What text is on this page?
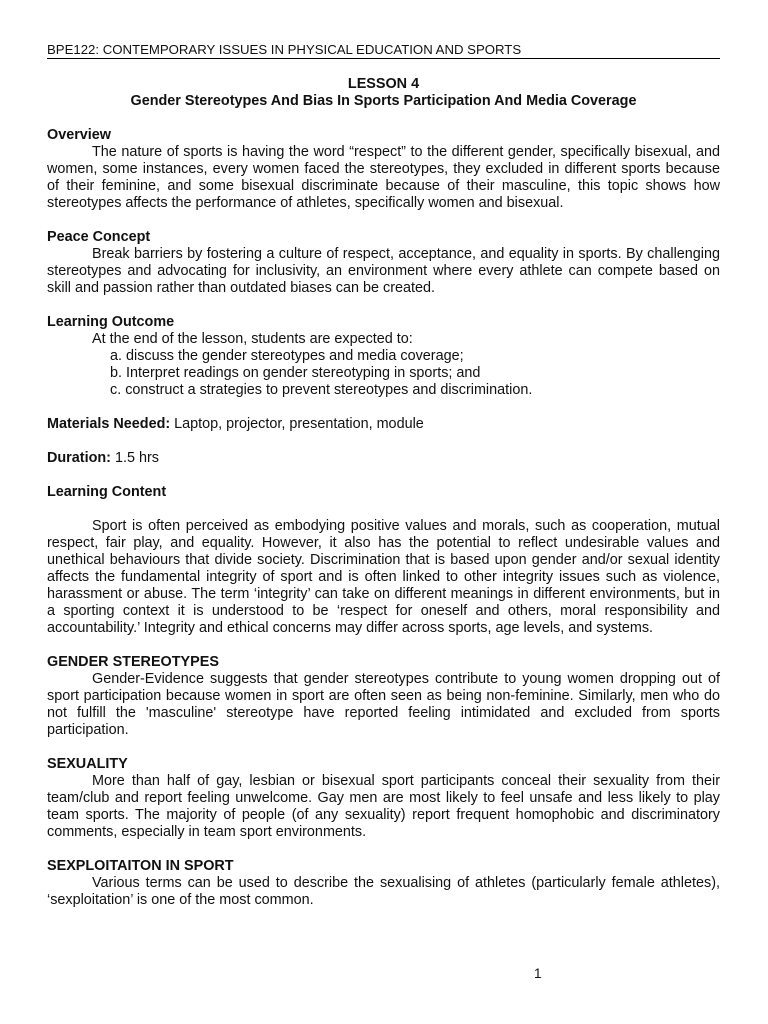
BPE122: CONTEMPORARY ISSUES IN PHYSICAL EDUCATION AND SPORTS
LESSON 4
Gender Stereotypes And Bias In Sports Participation And Media Coverage
Overview

The nature of sports is having the word “respect” to the different gender, specifically bisexual, and women, some instances, every women faced the stereotypes, they excluded in different sports because of their feminine, and some bisexual discriminate because of their masculine, this topic shows how stereotypes affects the performance of athletes, specifically women and bisexual.

Peace Concept

Break barriers by fostering a culture of respect, acceptance, and equality in sports. By challenging stereotypes and advocating for inclusivity, an environment where every athlete can compete based on skill and passion rather than outdated biases can be created.

Learning Outcome
At the end of the lesson, students are expected to:
a. discuss the gender stereotypes and media coverage;
b. Interpret readings on gender stereotyping in sports; and
c. construct a strategies to prevent stereotypes and discrimination.
Materials Needed: Laptop, projector, presentation, module
Duration: 1.5 hrs
Learning Content

Sport is often perceived as embodying positive values and morals, such as cooperation, mutual respect, fair play, and equality. However, it also has the potential to reflect undesirable values and unethical behaviours that divide society. Discrimination that is based upon gender and/or sexual identity affects the fundamental integrity of sport and is often linked to other integrity issues such as violence, harassment or abuse. The term ‘integrity’ can take on different meanings in different environments, but in a sporting context it is understood to be ‘respect for oneself and others, moral responsibility and accountability.’ Integrity and ethical concerns may differ across sports, age levels, and systems.

GENDER STEREOTYPES

Gender-Evidence suggests that gender stereotypes contribute to young women dropping out of sport participation because women in sport are often seen as being non-feminine. Similarly, men who do not fulfill the 'masculine' stereotype have reported feeling intimidated and excluded from sports participation.

SEXUALITY

More than half of gay, lesbian or bisexual sport participants conceal their sexuality from their team/club and report feeling unwelcome. Gay men are most likely to feel unsafe and less likely to play team sports. The majority of people (of any sexuality) report frequent homophobic and discriminatory comments, especially in team sport environments.

SEXPLOITAITON IN SPORT

Various terms can be used to describe the sexualising of athletes (particularly female athletes), ‘sexploitation’ is one of the most common.

1
